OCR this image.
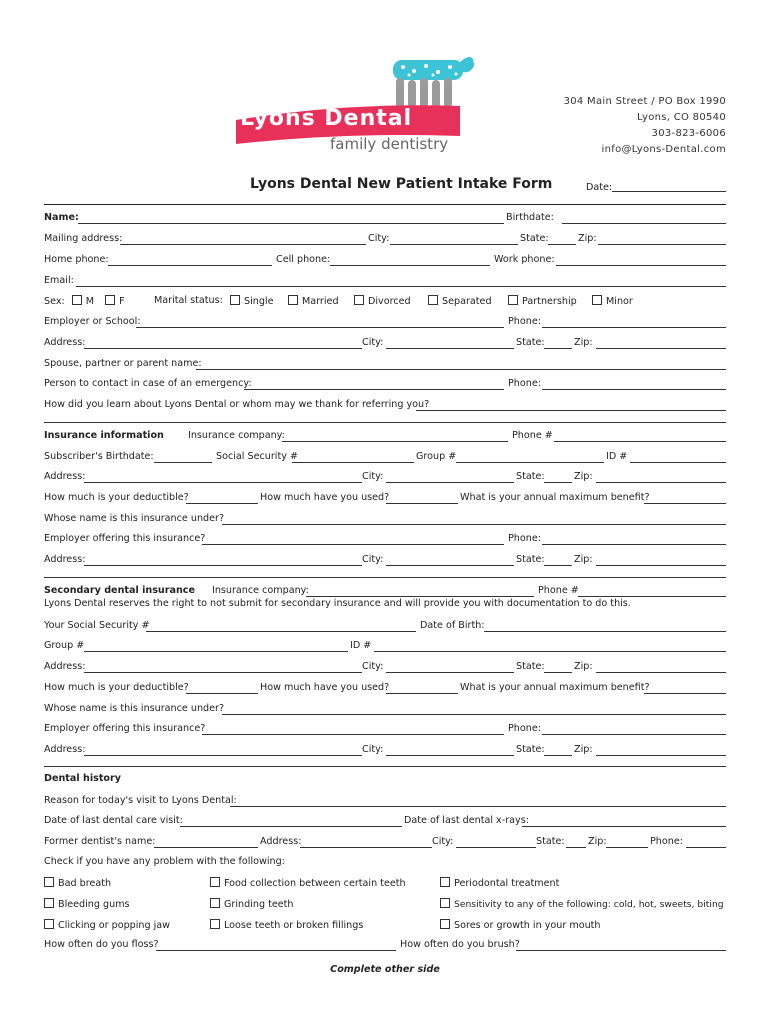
Lyons Dental
family dentistry
304 Main Street / PO Box 1990
Lyons, CO 80540
303-823-6006
info@Lyons-Dental.com
Lyons Dental New Patient Intake Form	Date:
Name:	Birthdate:
Mailing address:	City:	State:	Zip:
Home phone:	Cell phone:	Work phone:
Email:
Sex: M	F	Marital status:	Single	Married	Divorced	Separated	Partnership	Minor
Employer or School:	Phone:
Address:	City:	State:	Zip:
Spouse, partner or parent name:
Person to contact in case of an emergency:	Phone:
How did you learn about Lyons Dental or whom may we thank for referring you?
Insurance information	Insurance company:	Phone #
Subscriber's Birthdate:	Social Security #	Group #	ID #
Address:	City:	State:	Zip:
How much is your deductible?	How much have you used?	What is your annual maximum benefit?
Whose name is this insurance under?
Employer offering this insurance?	Phone:
Address:	City:	State:	Zip:
Secondary dental insurance Insurance company:	Phone #
Lyons Dental reserves the right to not submit for secondary insurance and will provide you with documentation to do this.
Your Social Security #	Date of Birth:
Group #	ID #
Address:	City:	State:	Zip:
How much is your deductible?	How much have you used?	What is your annual maximum benefit?
Whose name is this insurance under?
Employer offering this insurance?	Phone:
Address:	City:	State:	Zip:
Dental history
Reason for today's visit to Lyons Dental:
Date of last dental care visit:	Date of last dental x-rays:
Former dentist's name:	Address:	City:	State: Zip:	Phone:
Check if you have any problem with the following:
Bad breath	Food collection between certain teeth	Periodontal treatment
Bleeding gums	Grinding teeth	Sensitivity to any of the following: cold, hot, sweets, biting
Clicking or popping jaw	Loose teeth or broken fillings	Sores or growth in your mouth
How often do you floss?	How often do you brush?
Complete other side
